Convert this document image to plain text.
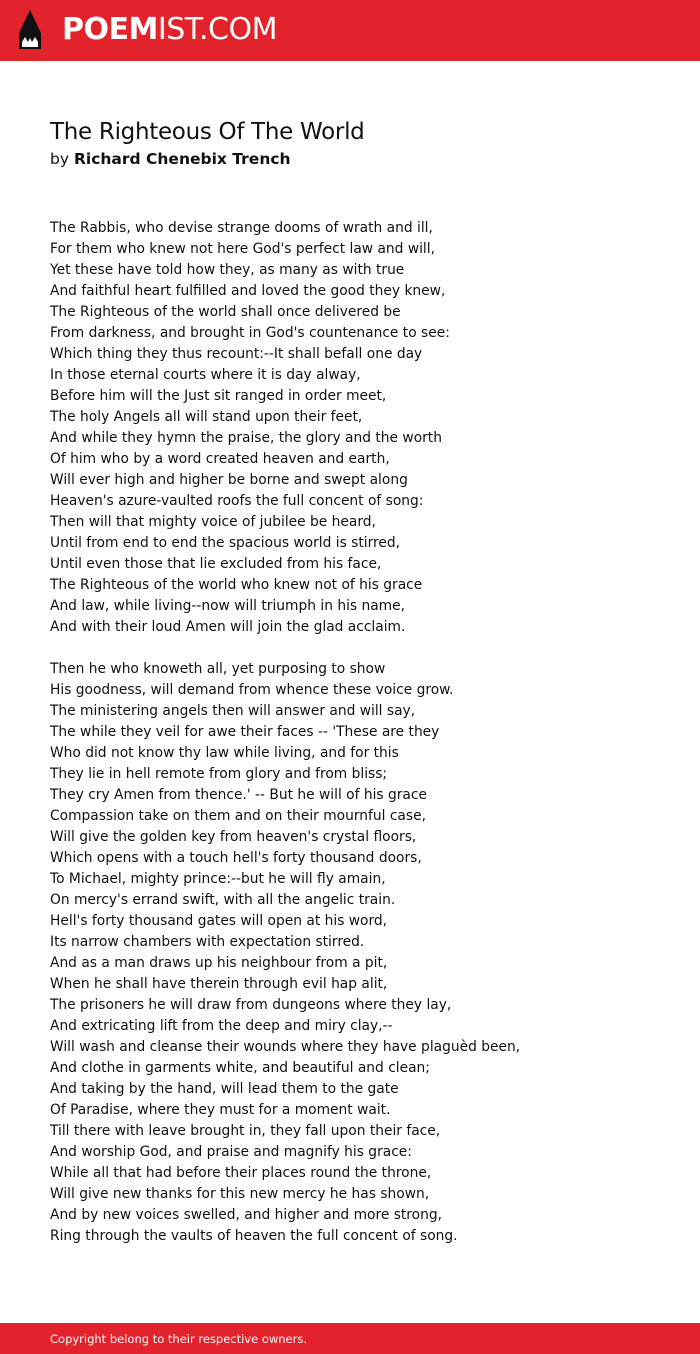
POEMIST.COM
The Righteous Of The World
by Richard Chenebix Trench
The Rabbis, who devise strange dooms of wrath and ill,
For them who knew not here God's perfect law and will,
Yet these have told how they, as many as with true
And faithful heart fulfilled and loved the good they knew,
The Righteous of the world shall once delivered be
From darkness, and brought in God's countenance to see:
Which thing they thus recount:--It shall befall one day
In those eternal courts where it is day alway,
Before him will the Just sit ranged in order meet,
The holy Angels all will stand upon their feet,
And while they hymn the praise, the glory and the worth
Of him who by a word created heaven and earth,
Will ever high and higher be borne and swept along
Heaven's azure-vaulted roofs the full concent of song:
Then will that mighty voice of jubilee be heard,
Until from end to end the spacious world is stirred,
Until even those that lie excluded from his face,
The Righteous of the world who knew not of his grace
And law, while living--now will triumph in his name,
And with their loud Amen will join the glad acclaim.
Then he who knoweth all, yet purposing to show
His goodness, will demand from whence these voice grow.
The ministering angels then will answer and will say,
The while they veil for awe their faces -- 'These are they
Who did not know thy law while living, and for this
They lie in hell remote from glory and from bliss;
They cry Amen from thence.' -- But he will of his grace
Compassion take on them and on their mournful case,
Will give the golden key from heaven's crystal floors,
Which opens with a touch hell's forty thousand doors,
To Michael, mighty prince:--but he will fly amain,
On mercy's errand swift, with all the angelic train.
Hell's forty thousand gates will open at his word,
Its narrow chambers with expectation stirred.
And as a man draws up his neighbour from a pit,
When he shall have therein through evil hap alit,
The prisoners he will draw from dungeons where they lay,
And extricating lift from the deep and miry clay,--
Will wash and cleanse their wounds where they have plaguèd been,
And clothe in garments white, and beautiful and clean;
And taking by the hand, will lead them to the gate
Of Paradise, where they must for a moment wait.
Till there with leave brought in, they fall upon their face,
And worship God, and praise and magnify his grace:
While all that had before their places round the throne,
Will give new thanks for this new mercy he has shown,
And by new voices swelled, and higher and more strong,
Ring through the vaults of heaven the full concent of song.
Copyright belong to their respective owners.
